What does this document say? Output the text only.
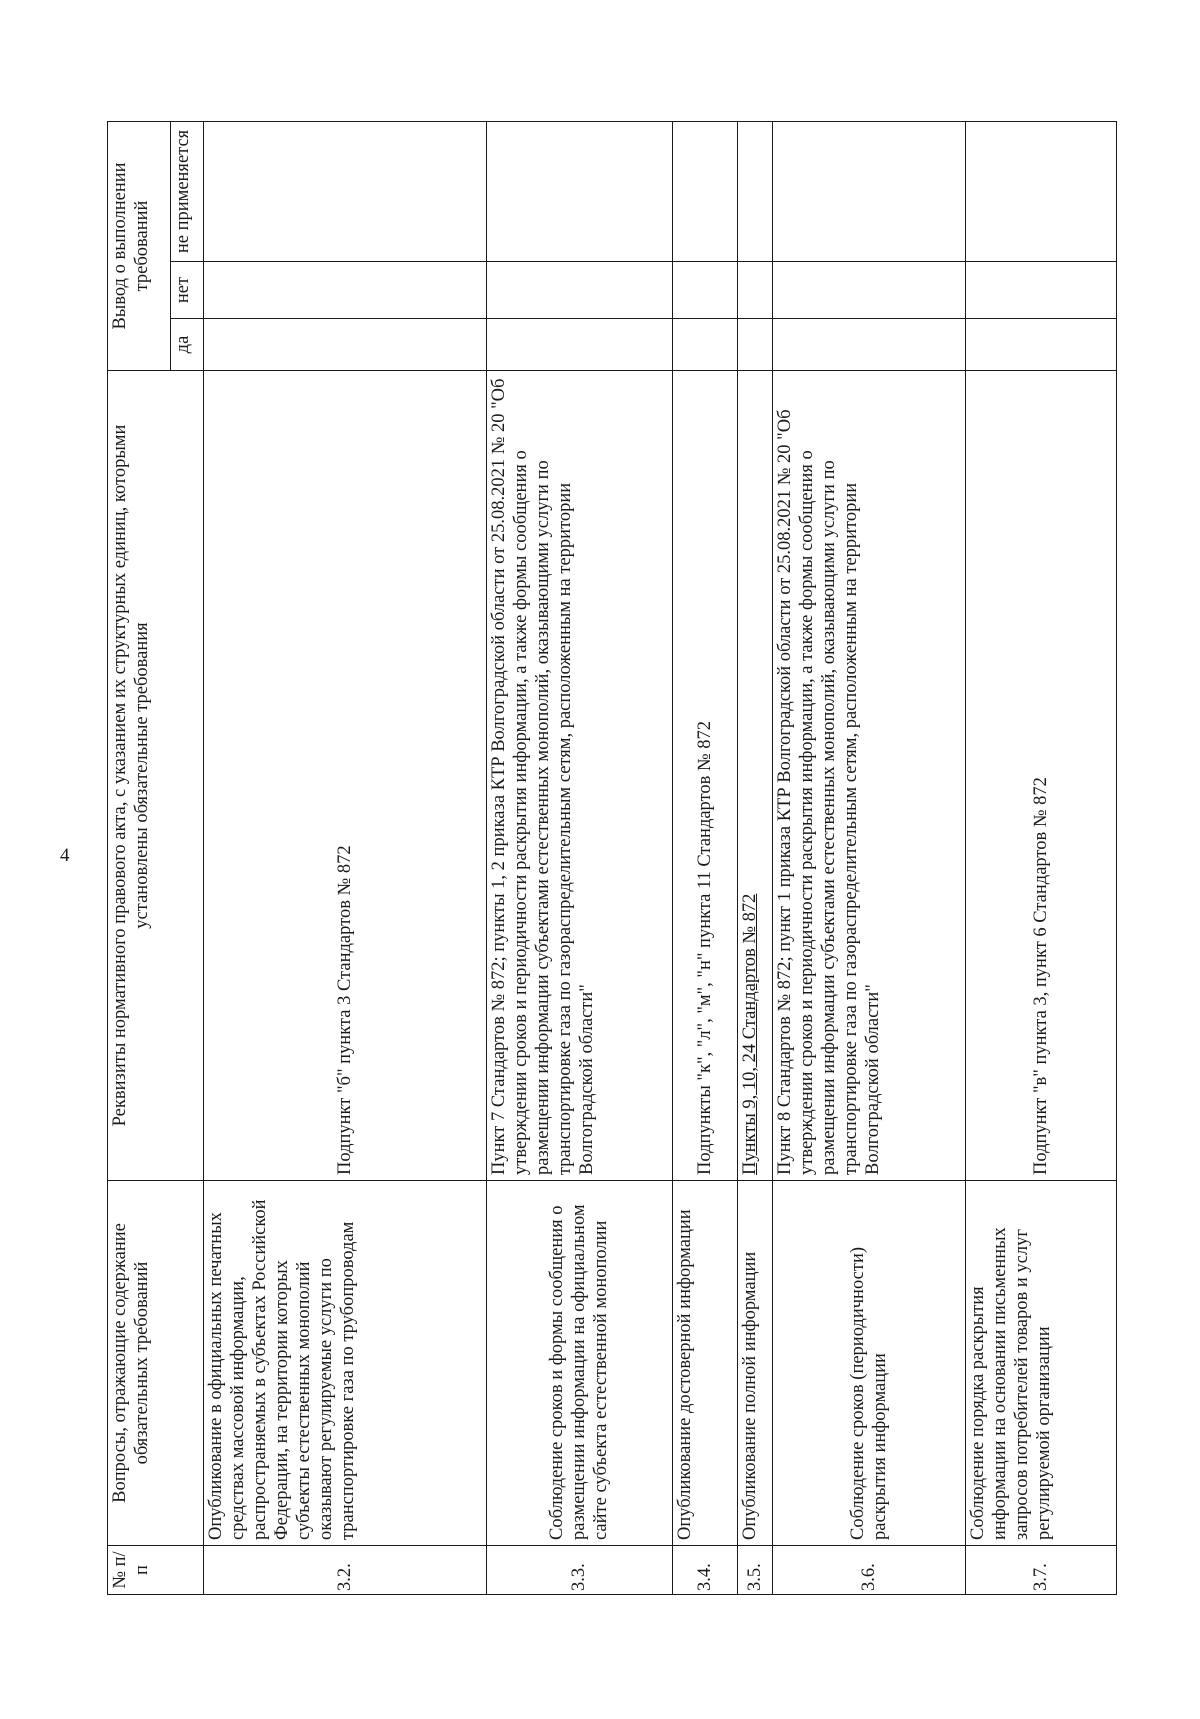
4
№ п/п	Вопросы, отражающие содержание обязательных требований	Реквизиты нормативного правового акта, с указанием их структурных единиц, которыми установлены обязательные требования	Вывод о выполнении требований		
			да	нет	не применяется
3.2.	Опубликование в официальных печатных средствах массовой информации, распространяемых в субъектах Российской Федерации, на территории которых субъекты естественных монополий оказывают регулируемые услуги по транспортировке газа по трубопроводам	Подпункт "б" пункта 3 Стандартов № 872			
3.3.	Соблюдение сроков и формы сообщения о размещении информации на официальном сайте субъекта естественной монополии	Пункт 7 Стандартов № 872; пункты 1, 2 приказа КТР Волгоградской области от 25.08.2021 № 20 "Об утверждении сроков и периодичности раскрытия информации, а также формы сообщения о размещении информации субъектами естественных монополий, оказывающими услуги по транспортировке газа по газораспределительным сетям, расположенным на территории Волгоградской области"			
3.4.	Опубликование достоверной информации	Подпункты "к", "л", "м", "н" пункта 11 Стандартов № 872			
3.5.	Опубликование полной информации	Пункты 9, 10, 24 Стандартов № 872			
3.6.	Соблюдение сроков (периодичности) раскрытия информации	Пункт 8 Стандартов № 872; пункт 1 приказа КТР Волгоградской области от 25.08.2021 № 20 "Об утверждении сроков и периодичности раскрытия информации, а также формы сообщения о размещении информации субъектами естественных монополий, оказывающими услуги по транспортировке газа по газораспределительным сетям, расположенным на территории Волгоградской области"			
3.7.	Соблюдение порядка раскрытия информации на основании письменных запросов потребителей товаров и услуг регулируемой организации	Подпункт "в" пункта 3, пункт 6 Стандартов № 872			
